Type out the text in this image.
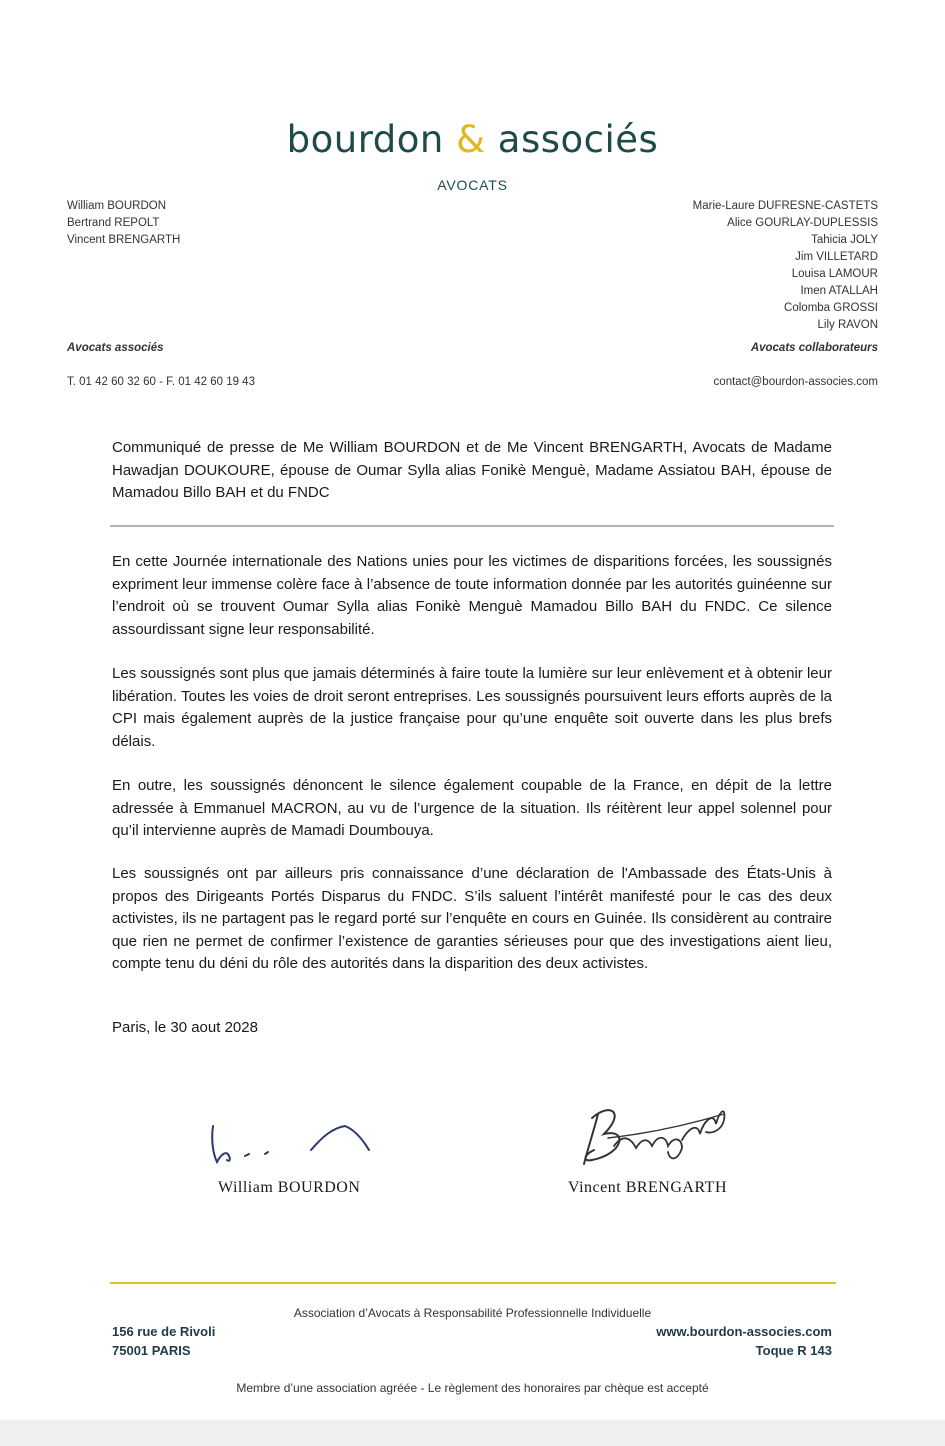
bourdon & associés
AVOCATS
William BOURDON
Bertrand REPOLT
Vincent BRENGARTH
Marie-Laure DUFRESNE-CASTETS
Alice GOURLAY-DUPLESSIS
Tahicia JOLY
Jim VILLETARD
Louisa LAMOUR
Imen ATALLAH
Colomba GROSSI
Lily RAVON
Avocats associés	Avocats collaborateurs
T. 01 42 60 32 60 - F. 01 42 60 19 43	contact@bourdon-associes.com
Communiqué de presse de Me William BOURDON et de Me Vincent BRENGARTH, Avocats de Madame Hawadjan DOUKOURE, épouse de Oumar Sylla alias Fonikè Menguè, Madame Assiatou BAH, épouse de Mamadou Billo BAH et du FNDC
En cette Journée internationale des Nations unies pour les victimes de disparitions forcées, les soussignés expriment leur immense colère face à l’absence de toute information donnée par les autorités guinéenne sur l’endroit où se trouvent Oumar Sylla alias Fonikè Menguè Mamadou Billo BAH du FNDC. Ce silence assourdissant signe leur responsabilité.
Les soussignés sont plus que jamais déterminés à faire toute la lumière sur leur enlèvement et à obtenir leur libération. Toutes les voies de droit seront entreprises. Les soussignés poursuivent leurs efforts auprès de la CPI mais également auprès de la justice française pour qu’une enquête soit ouverte dans les plus brefs délais.
En outre, les soussignés dénoncent le silence également coupable de la France, en dépit de la lettre adressée à Emmanuel MACRON, au vu de l’urgence de la situation. Ils réitèrent leur appel solennel pour qu’il intervienne auprès de Mamadi Doumbouya.
Les soussignés ont par ailleurs pris connaissance d’une déclaration de l'Ambassade des États-Unis à propos des Dirigeants Portés Disparus du FNDC. S’ils saluent l’intérêt manifesté pour le cas des deux activistes, ils ne partagent pas le regard porté sur l’enquête en cours en Guinée. Ils considèrent au contraire que rien ne permet de confirmer l’existence de garanties sérieuses pour que des investigations aient lieu, compte tenu du déni du rôle des autorités dans la disparition des deux activistes.
Paris, le 30 aout 2028
William BOURDON	Vincent BRENGARTH
Association d’Avocats à Responsabilité Professionnelle Individuelle
156 rue de Rivoli
75001 PARIS
www.bourdon-associes.com
Toque R 143
Membre d’une association agréée - Le règlement des honoraires par chèque est accepté
